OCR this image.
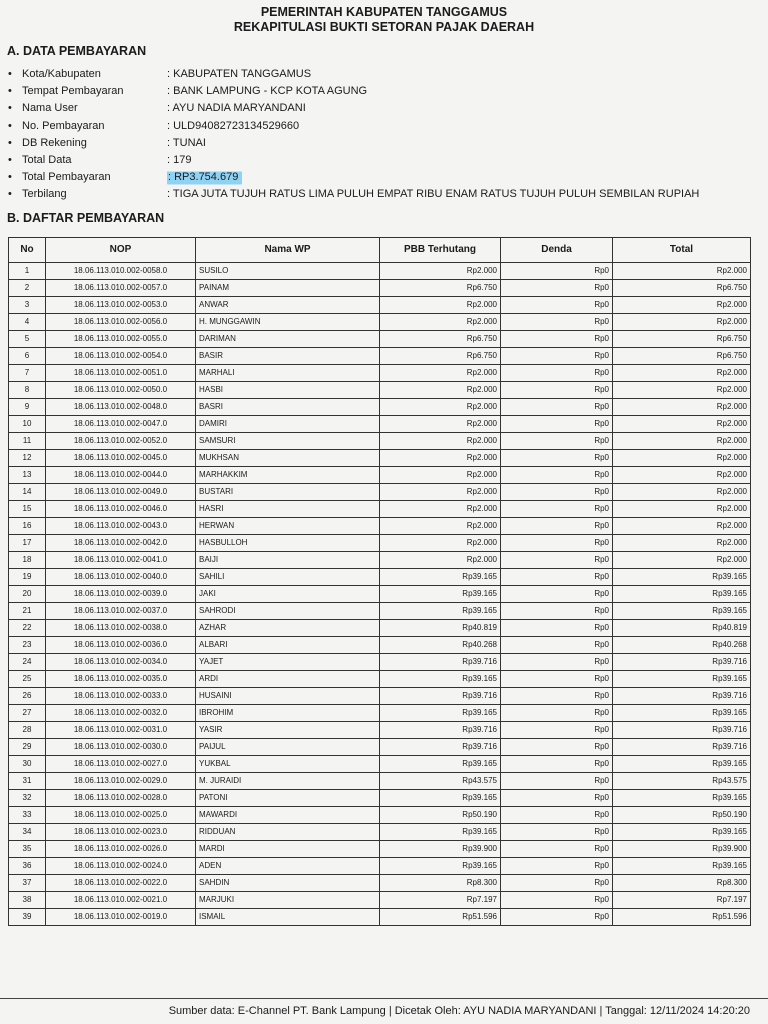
PEMERINTAH KABUPATEN TANGGAMUS
REKAPITULASI BUKTI SETORAN PAJAK DAERAH
A. DATA PEMBAYARAN
• Kota/Kabupaten	: KABUPATEN TANGGAMUS
• Tempat Pembayaran	: BANK LAMPUNG - KCP KOTA AGUNG
• Nama User	: AYU NADIA MARYANDANI
• No. Pembayaran	: ULD94082723134529660
• DB Rekening	: TUNAI
• Total Data	: 179
• Total Pembayaran	: RP3.754.679
• Terbilang	: TIGA JUTA TUJUH RATUS LIMA PULUH EMPAT RIBU ENAM RATUS TUJUH PULUH SEMBILAN RUPIAH
B. DAFTAR PEMBAYARAN
No	NOP	Nama WP	PBB Terhutang	Denda	Total
1	18.06.113.010.002-0058.0	SUSILO	Rp2.000	Rp0	Rp2.000
2	18.06.113.010.002-0057.0	PAINAM	Rp6.750	Rp0	Rp6.750
3	18.06.113.010.002-0053.0	ANWAR	Rp2.000	Rp0	Rp2.000
4	18.06.113.010.002-0056.0	H. MUNGGAWIN	Rp2.000	Rp0	Rp2.000
5	18.06.113.010.002-0055.0	DARIMAN	Rp6.750	Rp0	Rp6.750
6	18.06.113.010.002-0054.0	BASIR	Rp6.750	Rp0	Rp6.750
7	18.06.113.010.002-0051.0	MARHALI	Rp2.000	Rp0	Rp2.000
8	18.06.113.010.002-0050.0	HASBI	Rp2.000	Rp0	Rp2.000
9	18.06.113.010.002-0048.0	BASRI	Rp2.000	Rp0	Rp2.000
10	18.06.113.010.002-0047.0	DAMIRI	Rp2.000	Rp0	Rp2.000
11	18.06.113.010.002-0052.0	SAMSURI	Rp2.000	Rp0	Rp2.000
12	18.06.113.010.002-0045.0	MUKHSAN	Rp2.000	Rp0	Rp2.000
13	18.06.113.010.002-0044.0	MARHAKKIM	Rp2.000	Rp0	Rp2.000
14	18.06.113.010.002-0049.0	BUSTARI	Rp2.000	Rp0	Rp2.000
15	18.06.113.010.002-0046.0	HASRI	Rp2.000	Rp0	Rp2.000
16	18.06.113.010.002-0043.0	HERWAN	Rp2.000	Rp0	Rp2.000
17	18.06.113.010.002-0042.0	HASBULLOH	Rp2.000	Rp0	Rp2.000
18	18.06.113.010.002-0041.0	BAIJI	Rp2.000	Rp0	Rp2.000
19	18.06.113.010.002-0040.0	SAHILI	Rp39.165	Rp0	Rp39.165
20	18.06.113.010.002-0039.0	JAKI	Rp39.165	Rp0	Rp39.165
21	18.06.113.010.002-0037.0	SAHRODI	Rp39.165	Rp0	Rp39.165
22	18.06.113.010.002-0038.0	AZHAR	Rp40.819	Rp0	Rp40.819
23	18.06.113.010.002-0036.0	ALBARI	Rp40.268	Rp0	Rp40.268
24	18.06.113.010.002-0034.0	YAJET	Rp39.716	Rp0	Rp39.716
25	18.06.113.010.002-0035.0	ARDI	Rp39.165	Rp0	Rp39.165
26	18.06.113.010.002-0033.0	HUSAINI	Rp39.716	Rp0	Rp39.716
27	18.06.113.010.002-0032.0	IBROHIM	Rp39.165	Rp0	Rp39.165
28	18.06.113.010.002-0031.0	YASIR	Rp39.716	Rp0	Rp39.716
29	18.06.113.010.002-0030.0	PAIJUL	Rp39.716	Rp0	Rp39.716
30	18.06.113.010.002-0027.0	YUKBAL	Rp39.165	Rp0	Rp39.165
31	18.06.113.010.002-0029.0	M. JURAIDI	Rp43.575	Rp0	Rp43.575
32	18.06.113.010.002-0028.0	PATONI	Rp39.165	Rp0	Rp39.165
33	18.06.113.010.002-0025.0	MAWARDI	Rp50.190	Rp0	Rp50.190
34	18.06.113.010.002-0023.0	RIDDUAN	Rp39.165	Rp0	Rp39.165
35	18.06.113.010.002-0026.0	MARDI	Rp39.900	Rp0	Rp39.900
36	18.06.113.010.002-0024.0	ADEN	Rp39.165	Rp0	Rp39.165
37	18.06.113.010.002-0022.0	SAHDIN	Rp8.300	Rp0	Rp8.300
38	18.06.113.010.002-0021.0	MARJUKI	Rp7.197	Rp0	Rp7.197
39	18.06.113.010.002-0019.0	ISMAIL	Rp51.596	Rp0	Rp51.596
Sumber data: E-Channel PT. Bank Lampung | Dicetak Oleh: AYU NADIA MARYANDANI | Tanggal: 12/11/2024 14:20:20
